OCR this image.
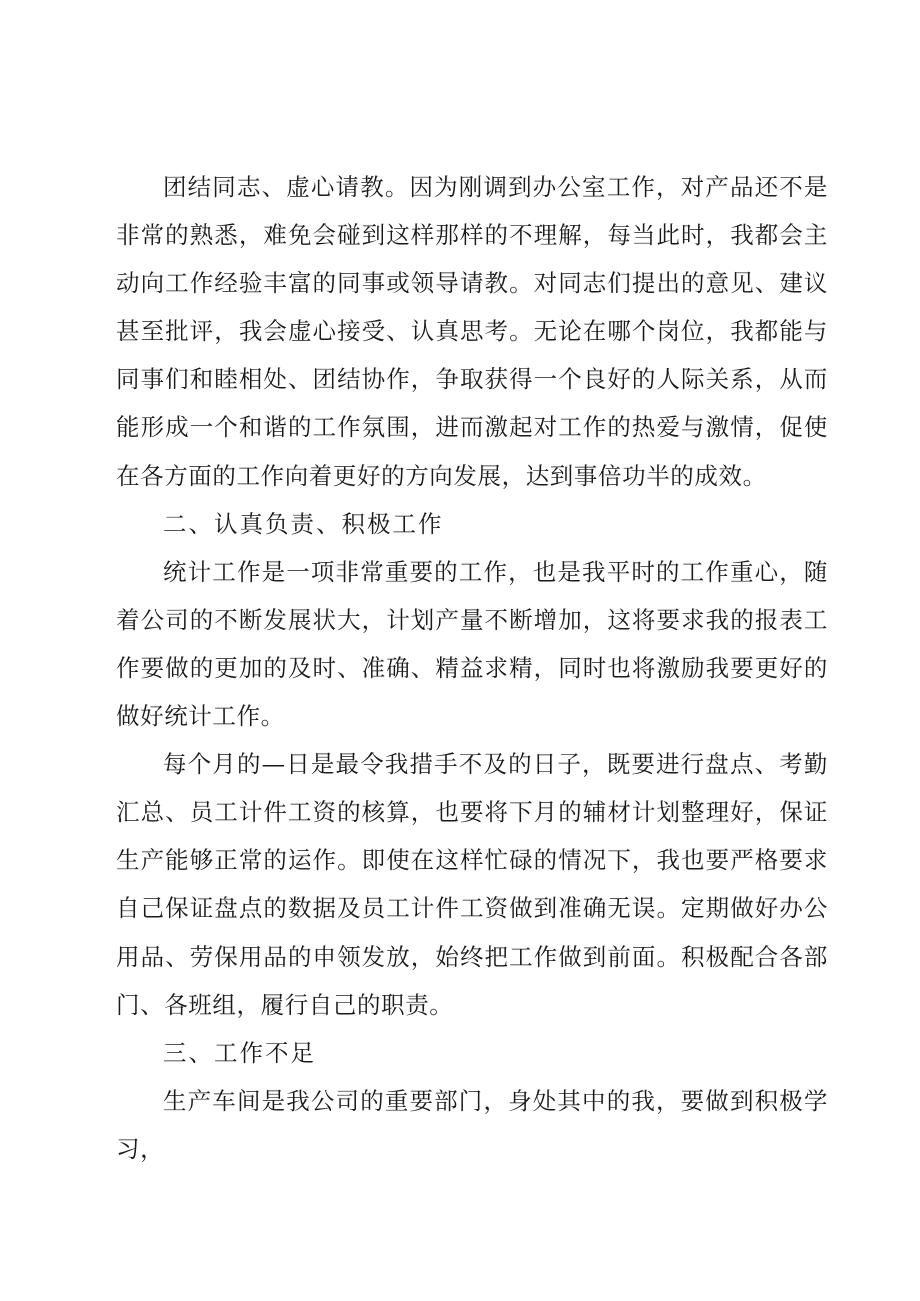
团结同志、虚心请教。因为刚调到办公室工作，对产品还不是非常的熟悉，难免会碰到这样那样的不理解，每当此时，我都会主动向工作经验丰富的同事或领导请教。对同志们提出的意见、建议甚至批评，我会虚心接受、认真思考。无论在哪个岗位，我都能与同事们和睦相处、团结协作，争取获得一个良好的人际关系，从而能形成一个和谐的工作氛围，进而激起对工作的热爱与激情，促使在各方面的工作向着更好的方向发展，达到事倍功半的成效。

二、认真负责、积极工作

统计工作是一项非常重要的工作，也是我平时的工作重心，随着公司的不断发展状大，计划产量不断增加，这将要求我的报表工作要做的更加的及时、准确、精益求精，同时也将激励我要更好的做好统计工作。

每个月的—日是最令我措手不及的日子，既要进行盘点、考勤汇总、员工计件工资的核算，也要将下月的辅材计划整理好，保证生产能够正常的运作。即使在这样忙碌的情况下，我也要严格要求自己保证盘点的数据及员工计件工资做到准确无误。定期做好办公用品、劳保用品的申领发放，始终把工作做到前面。积极配合各部门、各班组，履行自己的职责。

三、工作不足

生产车间是我公司的重要部门，身处其中的我，要做到积极学习，
